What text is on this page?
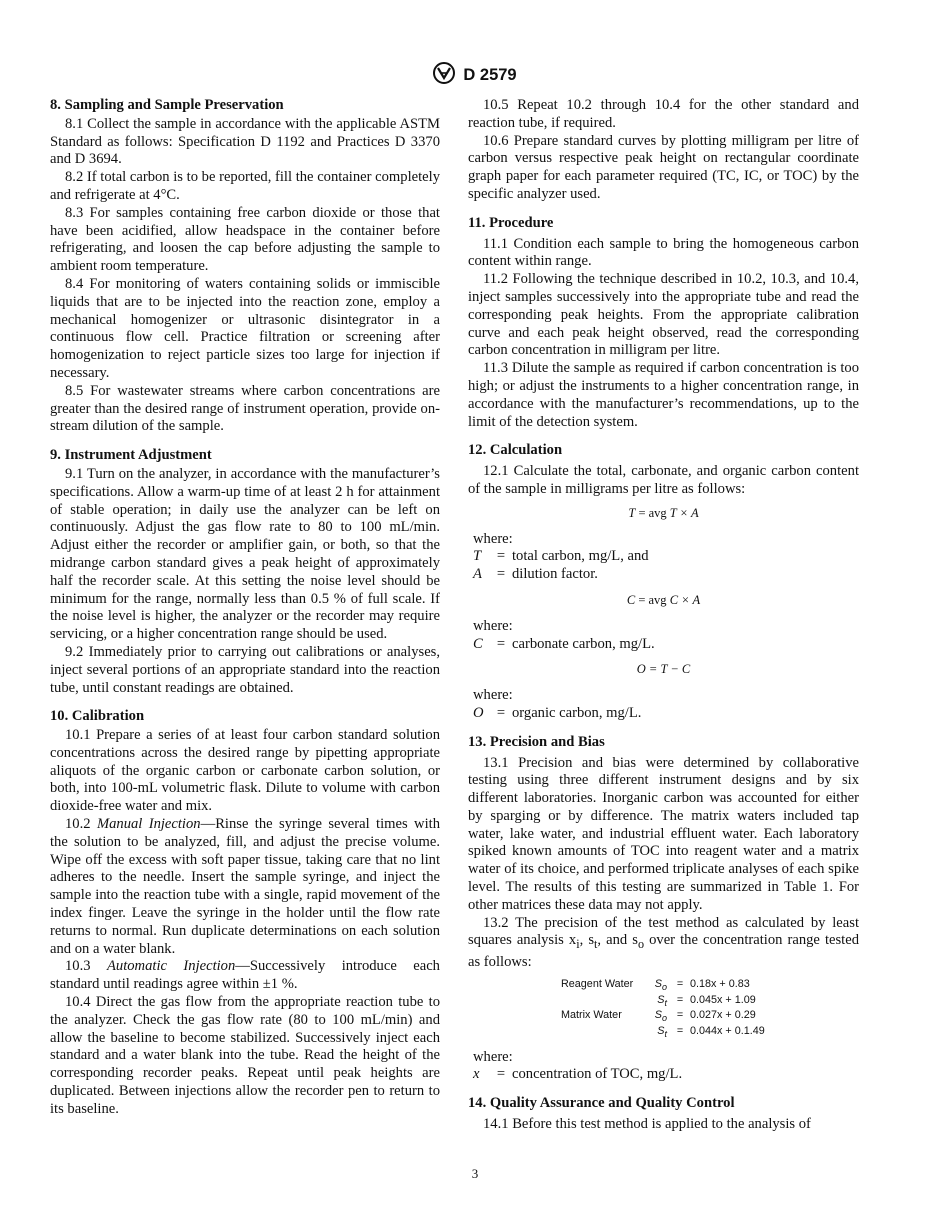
D 2579
8. Sampling and Sample Preservation

8.1 Collect the sample in accordance with the applicable ASTM Standard as follows: Specification D 1192 and Practices D 3370 and D 3694.

8.2 If total carbon is to be reported, fill the container completely and refrigerate at 4°C.

8.3 For samples containing free carbon dioxide or those that have been acidified, allow headspace in the container before refrigerating, and loosen the cap before adjusting the sample to ambient room temperature.

8.4 For monitoring of waters containing solids or immiscible liquids that are to be injected into the reaction zone, employ a mechanical homogenizer or ultrasonic disintegrator in a continuous flow cell. Practice filtration or screening after homogenization to reject particle sizes too large for injection if necessary.

8.5 For wastewater streams where carbon concentrations are greater than the desired range of instrument operation, provide on-stream dilution of the sample.

9. Instrument Adjustment

9.1 Turn on the analyzer, in accordance with the manufacturer’s specifications. Allow a warm-up time of at least 2 h for attainment of stable operation; in daily use the analyzer can be left on continuously. Adjust the gas flow rate to 80 to 100 mL/min. Adjust either the recorder or amplifier gain, or both, so that the midrange carbon standard gives a peak height of approximately half the recorder scale. At this setting the noise level should be minimum for the range, normally less than 0.5 % of full scale. If the noise level is higher, the analyzer or the recorder may require servicing, or a higher concentration range should be used.

9.2 Immediately prior to carrying out calibrations or analyses, inject several portions of an appropriate standard into the reaction tube, until constant readings are obtained.

10. Calibration

10.1 Prepare a series of at least four carbon standard solution concentrations across the desired range by pipetting appropriate aliquots of the organic carbon or carbonate carbon solution, or both, into 100-mL volumetric flask. Dilute to volume with carbon dioxide-free water and mix.

10.2 Manual Injection—Rinse the syringe several times with the solution to be analyzed, fill, and adjust the precise volume. Wipe off the excess with soft paper tissue, taking care that no lint adheres to the needle. Insert the sample syringe, and inject the sample into the reaction tube with a single, rapid movement of the index finger. Leave the syringe in the holder until the flow rate returns to normal. Run duplicate determinations on each solution and on a water blank.

10.3 Automatic Injection—Successively introduce each standard until readings agree within ±1 %.

10.4 Direct the gas flow from the appropriate reaction tube to the analyzer. Check the gas flow rate (80 to 100 mL/min) and allow the baseline to become stabilized. Successively inject each standard and a water blank into the tube. Read the height of the corresponding recorder peaks. Repeat until peak heights are duplicated. Between injections allow the recorder pen to return to its baseline.

10.5 Repeat 10.2 through 10.4 for the other standard and reaction tube, if required.

10.6 Prepare standard curves by plotting milligram per litre of carbon versus respective peak height on rectangular coordinate graph paper for each parameter required (TC, IC, or TOC) by the specific analyzer used.

11. Procedure

11.1 Condition each sample to bring the homogeneous carbon content within range.

11.2 Following the technique described in 10.2, 10.3, and 10.4, inject samples successively into the appropriate tube and read the corresponding peak heights. From the appropriate calibration curve and each peak height observed, read the corresponding carbon concentration in milligram per litre.

11.3 Dilute the sample as required if carbon concentration is too high; or adjust the instruments to a higher concentration range, in accordance with the manufacturer’s recommendations, up to the limit of the detection system.

12. Calculation

12.1 Calculate the total, carbonate, and organic carbon content of the sample in milligrams per litre as follows:

T = avg T × A
where:
T	= total carbon, mg/L, and
A	= dilution factor.
C = avg C × A
where:
C = carbonate carbon, mg/L.
O = T − C
where:
O = organic carbon, mg/L.
13. Precision and Bias

13.1 Precision and bias were determined by collaborative testing using three different instrument designs and by six different laboratories. Inorganic carbon was accounted for either by sparging or by difference. The matrix waters included tap water, lake water, and industrial effluent water. Each laboratory spiked known amounts of TOC into reagent water and a matrix water of its choice, and performed triplicate analyses of each spike level. The results of this testing are summarized in Table 1. For other matrices these data may not apply.

13.2 The precision of the test method as calculated by least squares analysis $x_i$, $s_t$, and $s_o$ over the concentration range tested as follows:

Reagent Water	$S_o$	=	0.18x + 0.83
	$S_t$	=	0.045x + 1.09
Matrix Water	$S_o$	=	0.027x + 0.29
	$S_t$	=	0.044x + 0.1.49
where:
x	= concentration of TOC, mg/L.
14. Quality Assurance and Quality Control

14.1 Before this test method is applied to the analysis of

3
